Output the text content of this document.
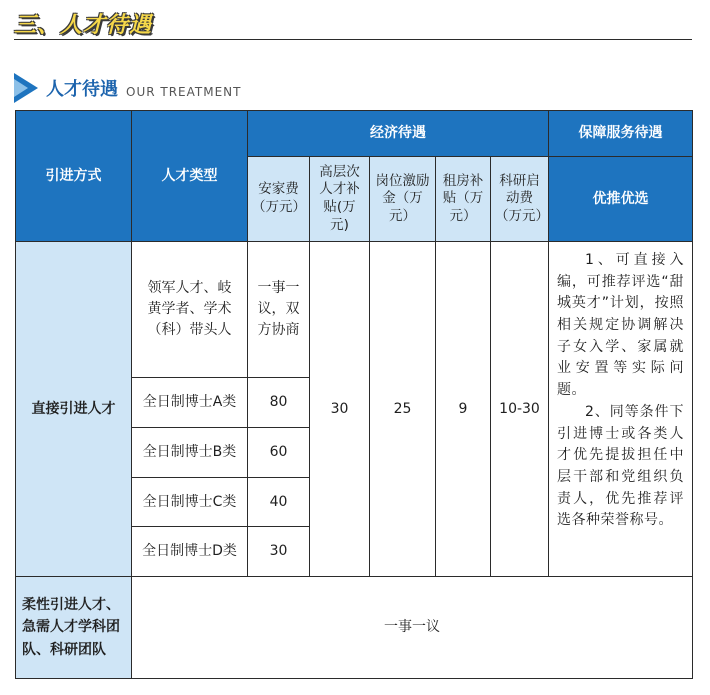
三、人才待遇
人才待遇 OUR TREATMENT
引进方式	人才类型	经济待遇					保障服务待遇
		安家费（万元）	高层次人才补贴(万元)	岗位激励金（万元）	租房补贴（万元）	科研启动费（万元）	优推优选
直接引进人才	领军人才、岐黄学者、学术（科）带头人	一事一议，双方协商	30	25	9	10-30	1、可直接入编，可推荐评选“甜城英才”计划，按照相关规定协调解决子女入学、家属就业安置等实际问题。

2、同等条件下引进博士或各类人才优先提拔担任中层干部和党组织负责人，优先推荐评选各种荣誉称号。

	全日制博士A类	80					
	全日制博士B类	60					
	全日制博士C类	40					
	全日制博士D类	30					
柔性引进人才、急需人才学科团队、科研团队	一事一议						
